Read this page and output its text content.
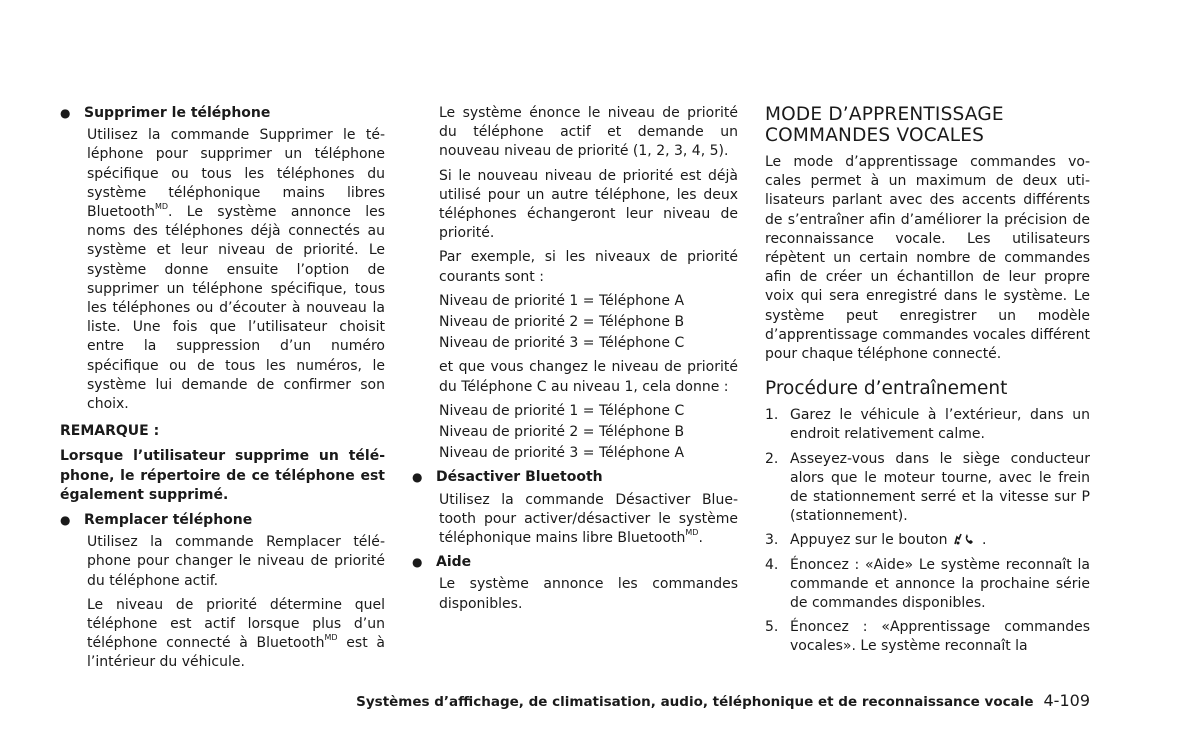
● Supprimer le téléphone

Utilisez la commande Supprimer le téléphone pour supprimer un téléphone spécifique ou tous les téléphones du système téléphonique mains libres Bluetooth$^{MD}$. Le système annonce les noms des téléphones déjà connectés au système et leur niveau de priorité. Le système donne ensuite l’option de supprimer un téléphone spécifique, tous les téléphones ou d’écouter à nouveau la liste. Une fois que l’utilisateur choisit entre la suppression d’un numéro spécifique ou de tous les numéros, le système lui demande de confirmer son choix.

REMARQUE :

Lorsque l’utilisateur supprime un téléphone, le répertoire de ce téléphone est également supprimé.

● Remplacer téléphone

Utilisez la commande Remplacer téléphone pour changer le niveau de priorité du téléphone actif.

Le niveau de priorité détermine quel téléphone est actif lorsque plus d’un téléphone connecté à Bluetooth$^{MD}$ est à l’intérieur du véhicule.

Le système énonce le niveau de priorité du téléphone actif et demande un nouveau niveau de priorité (1, 2, 3, 4, 5).

Si le nouveau niveau de priorité est déjà utilisé pour un autre téléphone, les deux téléphones échangeront leur niveau de priorité.

Par exemple, si les niveaux de priorité courants sont :

Niveau de priorité 1 = Téléphone A

Niveau de priorité 2 = Téléphone B

Niveau de priorité 3 = Téléphone C

et que vous changez le niveau de priorité du Téléphone C au niveau 1, cela donne :

Niveau de priorité 1 = Téléphone C

Niveau de priorité 2 = Téléphone B

Niveau de priorité 3 = Téléphone A

● Désactiver Bluetooth

Utilisez la commande Désactiver Bluetooth pour activer/désactiver le système téléphonique mains libre Bluetooth$^{MD}$.

● Aide

Le système annonce les commandes disponibles.

MODE D’APPRENTISSAGE COMMANDES VOCALES

Le mode d’apprentissage commandes vocales permet à un maximum de deux utilisateurs parlant avec des accents différents de s’entraîner afin d’améliorer la précision de reconnaissance vocale. Les utilisateurs répètent un certain nombre de commandes afin de créer un échantillon de leur propre voix qui sera enregistré dans le système. Le système peut enregistrer un modèle d’apprentissage commandes vocales différent pour chaque téléphone connecté.

Procédure d’entraînement
1. Garez le véhicule à l’extérieur, dans un endroit relativement calme.
2. Asseyez-vous dans le siège conducteur alors que le moteur tourne, avec le frein de stationnement serré et la vitesse sur P (stationnement).
3. Appuyez sur le bouton .
4. Énoncez : «Aide» Le système reconnaît la commande et annonce la prochaine série de commandes disponibles.
5. Énoncez : «Apprentissage commandes vocales». Le système reconnaît la
Systèmes d’affichage, de climatisation, audio, téléphonique et de reconnaissance vocale 4-109
